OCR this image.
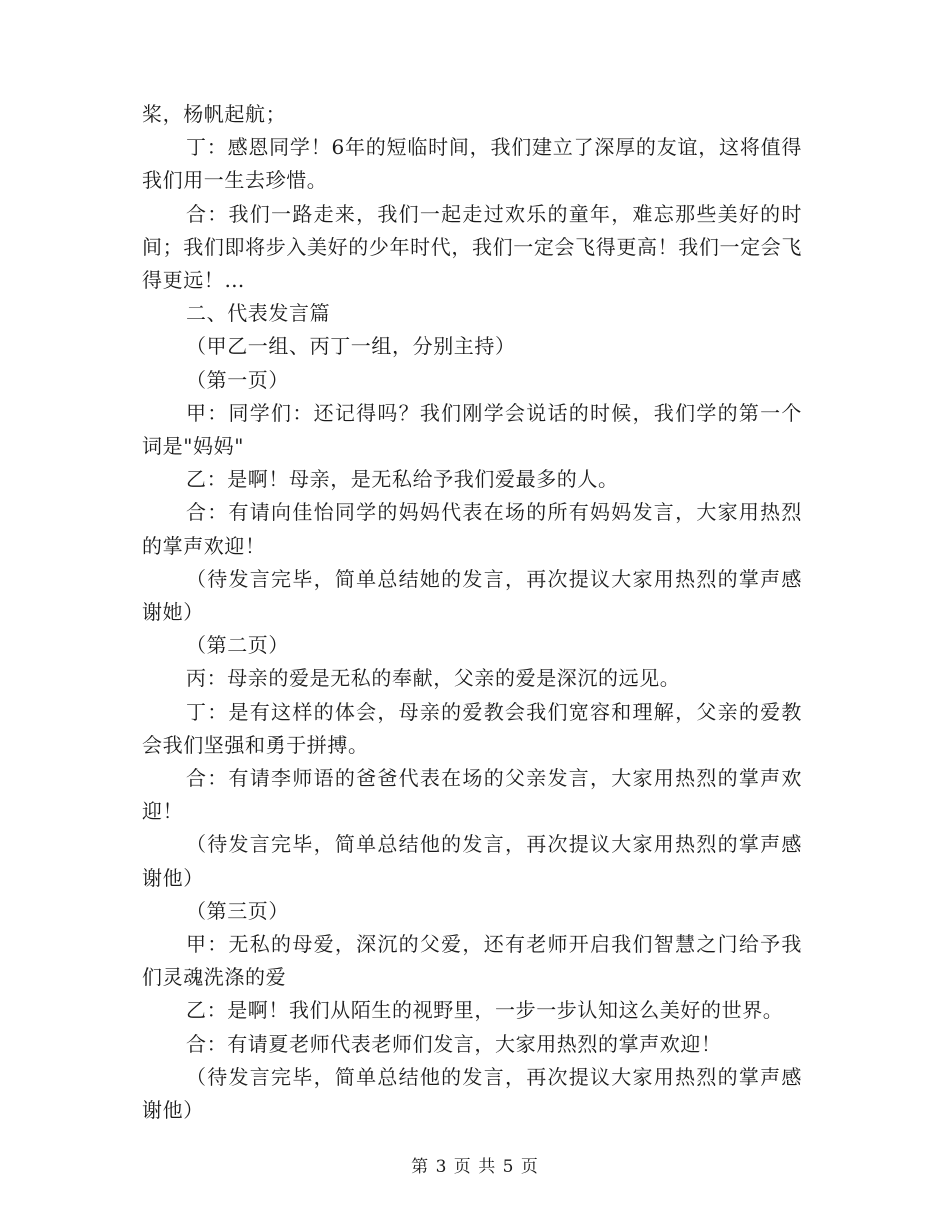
桨，杨帆起航；

丁：感恩同学！6年的短临时间，我们建立了深厚的友谊，这将值得我们用一生去珍惜。

合：我们一路走来，我们一起走过欢乐的童年，难忘那些美好的时间；我们即将步入美好的少年时代，我们一定会飞得更高！我们一定会飞得更远！…

二、代表发言篇

（甲乙一组、丙丁一组，分别主持）

（第一页）

甲：同学们：还记得吗？我们刚学会说话的时候，我们学的第一个词是"妈妈"

乙：是啊！母亲，是无私给予我们爱最多的人。

合：有请向佳怡同学的妈妈代表在场的所有妈妈发言，大家用热烈的掌声欢迎！

（待发言完毕，简单总结她的发言，再次提议大家用热烈的掌声感谢她）

（第二页）

丙：母亲的爱是无私的奉献，父亲的爱是深沉的远见。

丁：是有这样的体会，母亲的爱教会我们宽容和理解，父亲的爱教会我们坚强和勇于拼搏。

合：有请李师语的爸爸代表在场的父亲发言，大家用热烈的掌声欢迎！

（待发言完毕，简单总结他的发言，再次提议大家用热烈的掌声感谢他）

（第三页）

甲：无私的母爱，深沉的父爱，还有老师开启我们智慧之门给予我们灵魂洗涤的爱

乙：是啊！我们从陌生的视野里，一步一步认知这么美好的世界。

合：有请夏老师代表老师们发言，大家用热烈的掌声欢迎！

（待发言完毕，简单总结他的发言，再次提议大家用热烈的掌声感谢他）

第 3 页 共 5 页
